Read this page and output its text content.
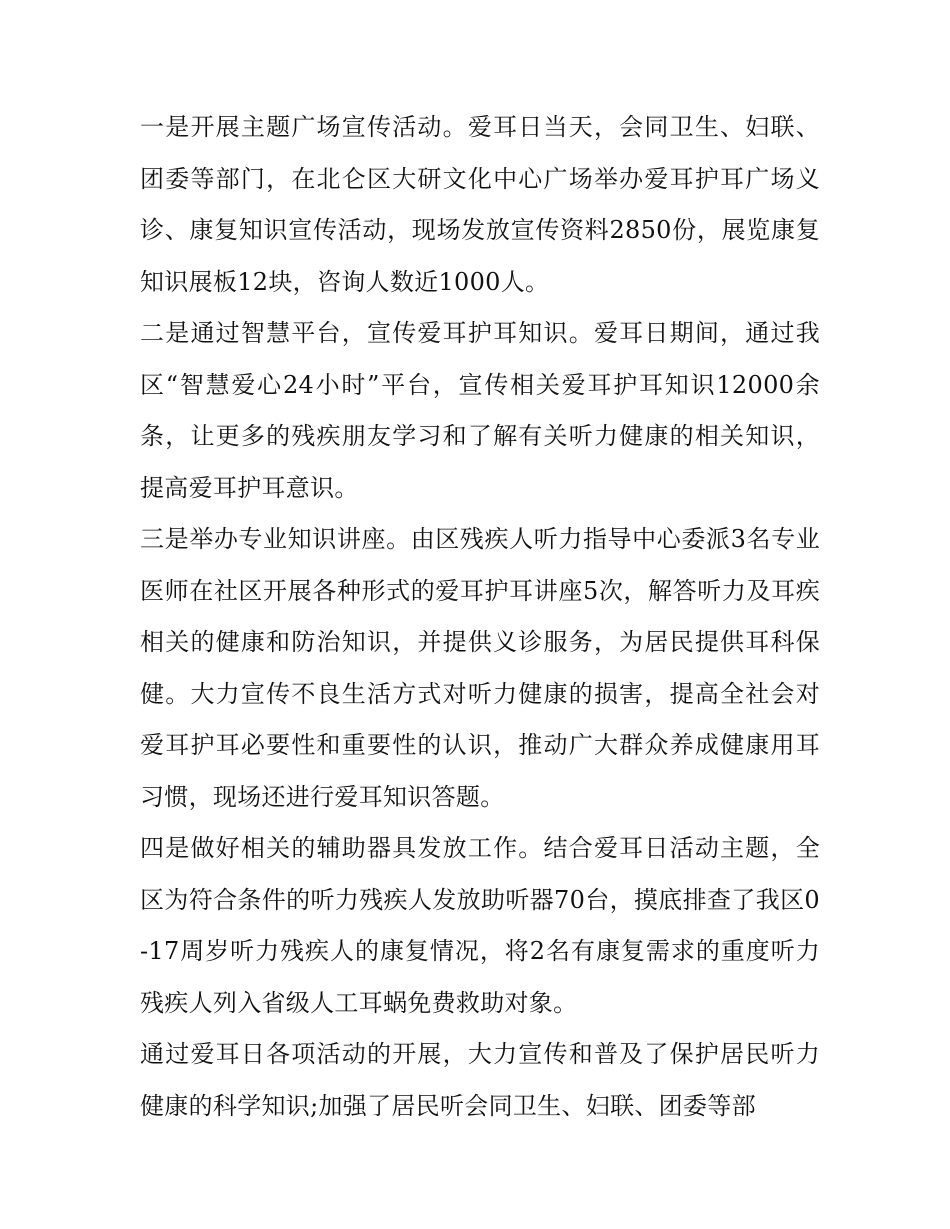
一是开展主题广场宣传活动。爱耳日当天，会同卫生、妇联、团委等部门，在北仑区大研文化中心广场举办爱耳护耳广场义诊、康复知识宣传活动，现场发放宣传资料2850份，展览康复知识展板12块，咨询人数近1000人。

二是通过智慧平台，宣传爱耳护耳知识。爱耳日期间，通过我区“智慧爱心24小时”平台，宣传相关爱耳护耳知识12000余条，让更多的残疾朋友学习和了解有关听力健康的相关知识，提高爱耳护耳意识。

三是举办专业知识讲座。由区残疾人听力指导中心委派3名专业医师在社区开展各种形式的爱耳护耳讲座5次，解答听力及耳疾相关的健康和防治知识，并提供义诊服务，为居民提供耳科保健。大力宣传不良生活方式对听力健康的损害，提高全社会对爱耳护耳必要性和重要性的认识，推动广大群众养成健康用耳习惯，现场还进行爱耳知识答题。

四是做好相关的辅助器具发放工作。结合爱耳日活动主题，全区为符合条件的听力残疾人发放助听器70台，摸底排查了我区0-17周岁听力残疾人的康复情况，将2名有康复需求的重度听力残疾人列入省级人工耳蜗免费救助对象。

通过爱耳日各项活动的开展，大力宣传和普及了保护居民听力健康的科学知识;加强了居民听会同卫生、妇联、团委等部
